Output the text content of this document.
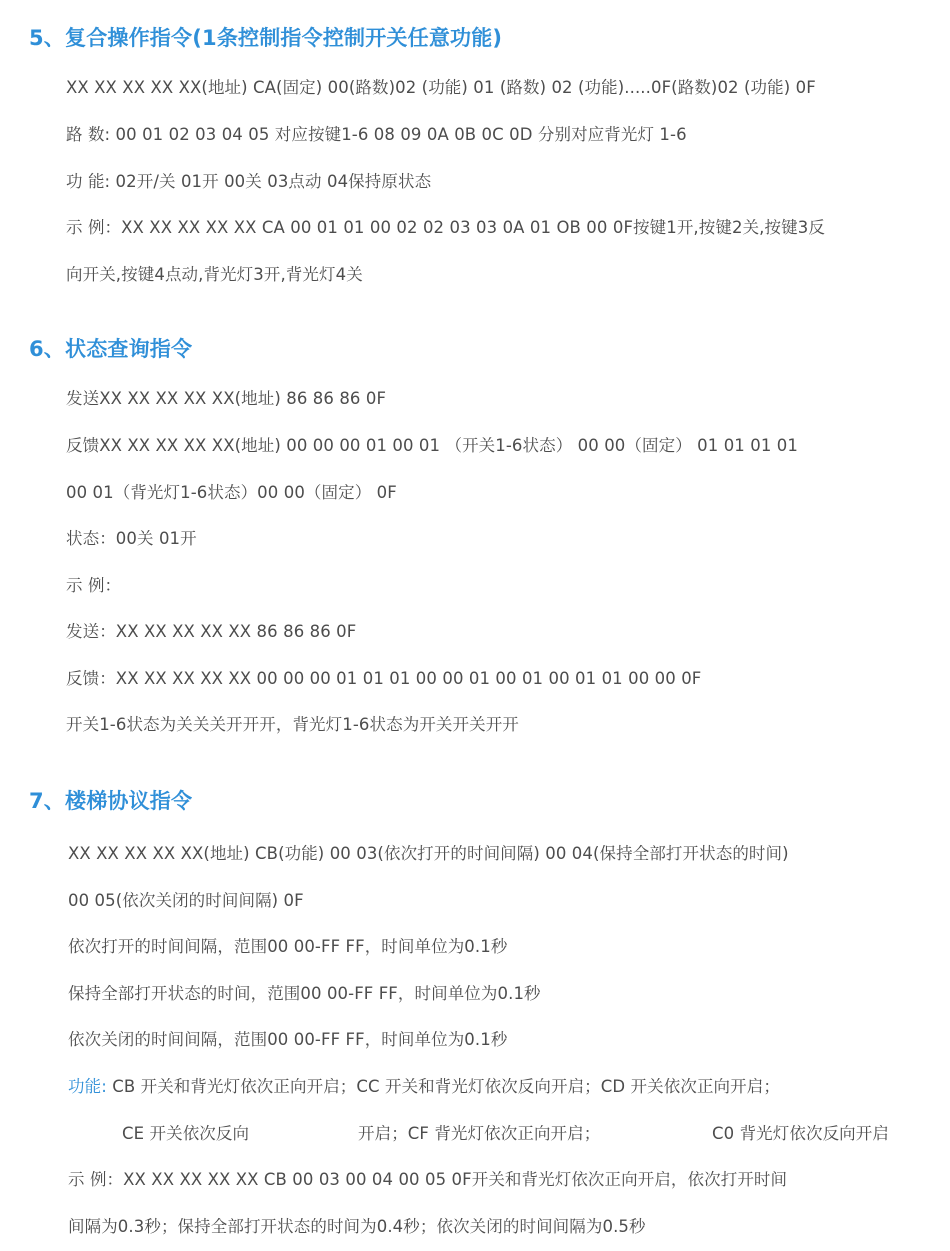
5、复合操作指令(1条控制指令控制开关任意功能)
XX XX XX XX XX(地址) CA(固定) 00(路数)02 (功能) 01 (路数) 02 (功能).....0F(路数)02 (功能) 0F
路 数: 00 01 02 03 04 05 对应按键1-6 08 09 0A 0B 0C 0D 分别对应背光灯 1-6
功 能: 02开/关 01开 00关 03点动 04保持原状态
示 例：XX XX XX XX XX CA 00 01 01 00 02 02 03 03 0A 01 OB 00 0F按键1开,按键2关,按键3反
向开关,按键4点动,背光灯3开,背光灯4关
6、状态查询指令
发送XX XX XX XX XX(地址) 86 86 86 0F
反馈XX XX XX XX XX(地址) 00 00 00 01 00 01 （开关1-6状态） 00 00（固定） 01 01 01 01
00 01（背光灯1-6状态）00 00（固定） 0F
状态：00关 01开
示 例：
发送：XX XX XX XX XX 86 86 86 0F
反馈：XX XX XX XX XX 00 00 00 01 01 01 00 00 01 00 01 00 01 01 00 00 0F
开关1-6状态为关关关开开开，背光灯1-6状态为开关开关开开
7、楼梯协议指令
XX XX XX XX XX(地址) CB(功能) 00 03(依次打开的时间间隔) 00 04(保持全部打开状态的时间)
00 05(依次关闭的时间间隔) 0F
依次打开的时间间隔，范围00 00-FF FF，时间单位为0.1秒
保持全部打开状态的时间，范围00 00-FF FF，时间单位为0.1秒
依次关闭的时间间隔，范围00 00-FF FF，时间单位为0.1秒
功能: CB 开关和背光灯依次正向开启；CC 开关和背光灯依次反向开启；CD 开关依次正向开启；
CE 开关依次反向	开启；CF 背光灯依次正向开启；	C0 背光灯依次反向开启
示 例：XX XX XX XX XX CB 00 03 00 04 00 05 0F开关和背光灯依次正向开启，依次打开时间
间隔为0.3秒；保持全部打开状态的时间为0.4秒；依次关闭的时间间隔为0.5秒
